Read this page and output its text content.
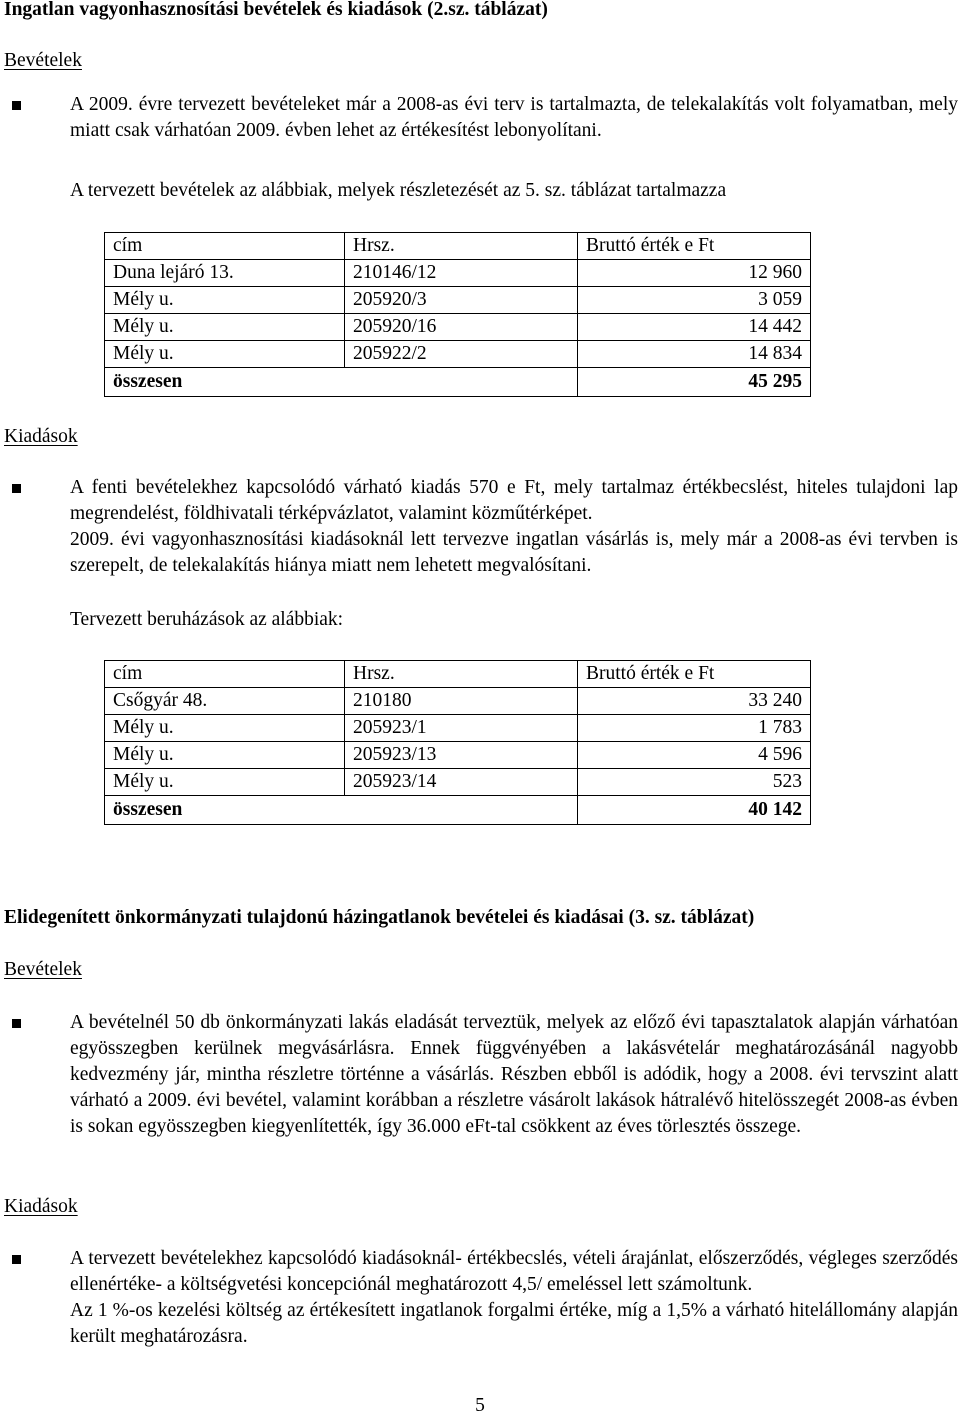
Ingatlan vagyonhasznosítási bevételek és kiadások (2.sz. táblázat)
Bevételek

A 2009. évre tervezett bevételeket már a 2008-as évi terv is tartalmazta, de telekalakítás volt folyamatban, mely miatt csak várhatóan 2009. évben lehet az értékesítést lebonyolítani.

A tervezett bevételek az alábbiak, melyek részletezését az 5. sz. táblázat tartalmazza
cím	Hrsz.	Bruttó érték e Ft
Duna lejáró 13.	210146/12	12 960
Mély u.	205920/3	3 059
Mély u.	205920/16	14 442
Mély u.	205922/2	14 834
összesen		45 295
Kiadások

A fenti bevételekhez kapcsolódó várható kiadás 570 e Ft, mely tartalmaz értékbecslést, hiteles tulajdoni lap megrendelést, földhivatali térképvázlatot, valamint közműtérképet.

2009. évi vagyonhasznosítási kiadásoknál lett tervezve ingatlan vásárlás is, mely már a 2008-as évi tervben is szerepelt, de telekalakítás hiánya miatt nem lehetett megvalósítani.

Tervezett beruházások az alábbiak:
cím	Hrsz.	Bruttó érték e Ft
Csőgyár 48.	210180	33 240
Mély u.	205923/1	1 783
Mély u.	205923/13	4 596
Mély u.	205923/14	523
összesen		40 142
Elidegenített önkormányzati tulajdonú házingatlanok bevételei és kiadásai (3. sz. táblázat)
Bevételek

A bevételnél 50 db önkormányzati lakás eladását terveztük, melyek az előző évi tapasztalatok alapján várhatóan egyösszegben kerülnek megvásárlásra. Ennek függvényében a lakásvételár meghatározásánál nagyobb kedvezmény jár, mintha részletre történne a vásárlás. Részben ebből is adódik, hogy a 2008. évi tervszint alatt várható a 2009. évi bevétel, valamint korábban a részletre vásárolt lakások hátralévő hitelösszegét 2008-as évben is sokan egyösszegben kiegyenlítették, így 36.000 eFt-tal csökkent az éves törlesztés összege.

Kiadások

A tervezett bevételekhez kapcsolódó kiadásoknál- értékbecslés, vételi árajánlat, előszerződés, végleges szerződés ellenértéke- a költségvetési koncepciónál meghatározott 4,5/ emeléssel lett számoltunk.

Az 1 %-os kezelési költség az értékesített ingatlanok forgalmi értéke, míg a 1,5% a várható hitelállomány alapján került meghatározásra.

5
